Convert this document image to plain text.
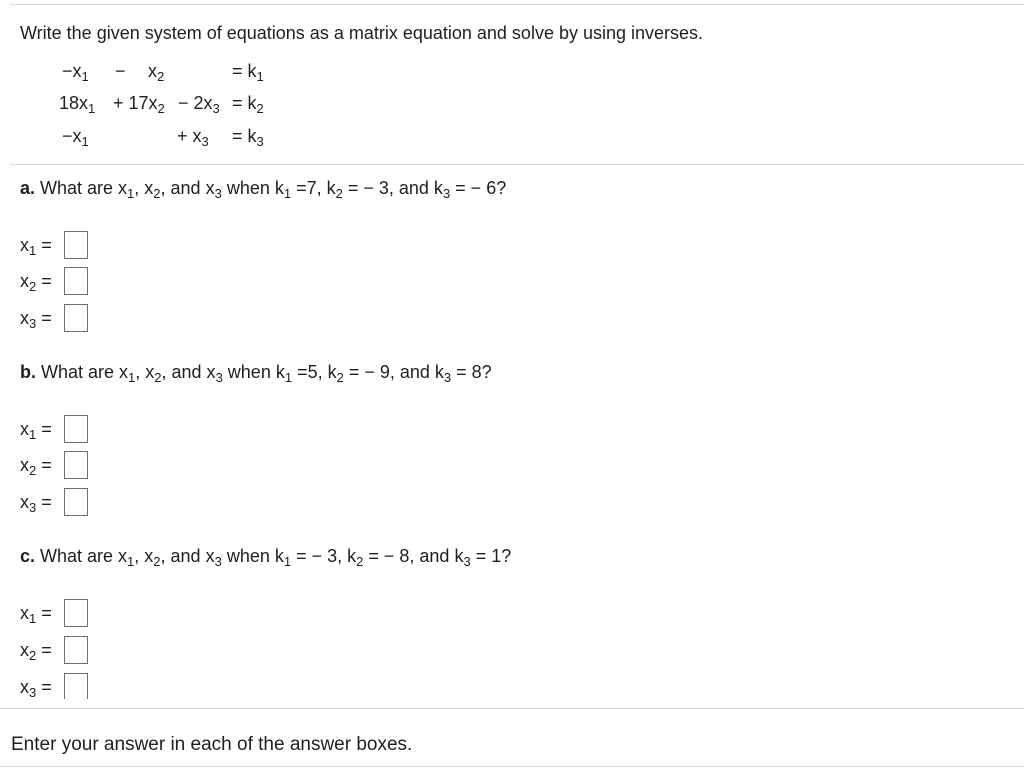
Write the given system of equations as a matrix equation and solve by using inverses.
$-x_1 - x_2$	= $k_1$
$18x_1 + 17x_2 - 2x_3 = k_2$
$-x_1$	+ $x_3 = k_3$
a. What are $x_1$, $x_2$, and $x_3$ when $k_1 =7$, $k_2$ = − 3, and $k_3$ = − 6?
$x_1$ =
$x_2$ =
$x_3$ =
b. What are $x_1$, $x_2$, and $x_3$ when $k_1 =5$, $k_2$ = − 9, and $k_3 = 8$?
$x_1$ =
$x_2$ =
$x_3$ =
c. What are $x_1$, $x_2$, and $x_3$ when $k_1$ = − 3, $k_2$ = − 8, and $k_3 = 1$?
$x_1$ =
$x_2$ =
$x_3$ =
Enter your answer in each of the answer boxes.
